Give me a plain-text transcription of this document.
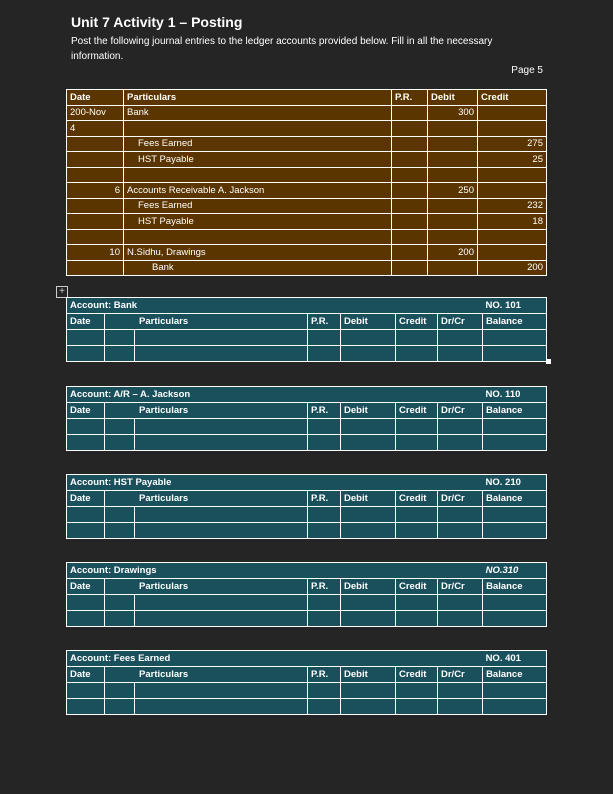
Unit 7 Activity 1 – Posting

Post the following journal entries to the ledger accounts provided below. Fill in all the necessary information.

Page 5
Date	Particulars	P.R.	Debit	Credit
200-Nov	Bank		300	
4				
	Fees Earned			275
	HST Payable			25

6	Accounts Receivable A. Jackson		250	
	Fees Earned			232
	HST Payable			18

10	N.Sidhu, Drawings		200	
	Bank			200
+
Account: Bank							NO. 101
Date	Particulars		P.R.	Debit	Credit	Dr/Cr	Balance

Account: A/R – A. Jackson							NO. 110
Date	Particulars		P.R.	Debit	Credit	Dr/Cr	Balance

Account: HST Payable							NO. 210
Date	Particulars		P.R.	Debit	Credit	Dr/Cr	Balance

Account: Drawings							NO.310
Date	Particulars		P.R.	Debit	Credit	Dr/Cr	Balance

Account: Fees Earned							NO. 401
Date	Particulars		P.R.	Debit	Credit	Dr/Cr	Balance
